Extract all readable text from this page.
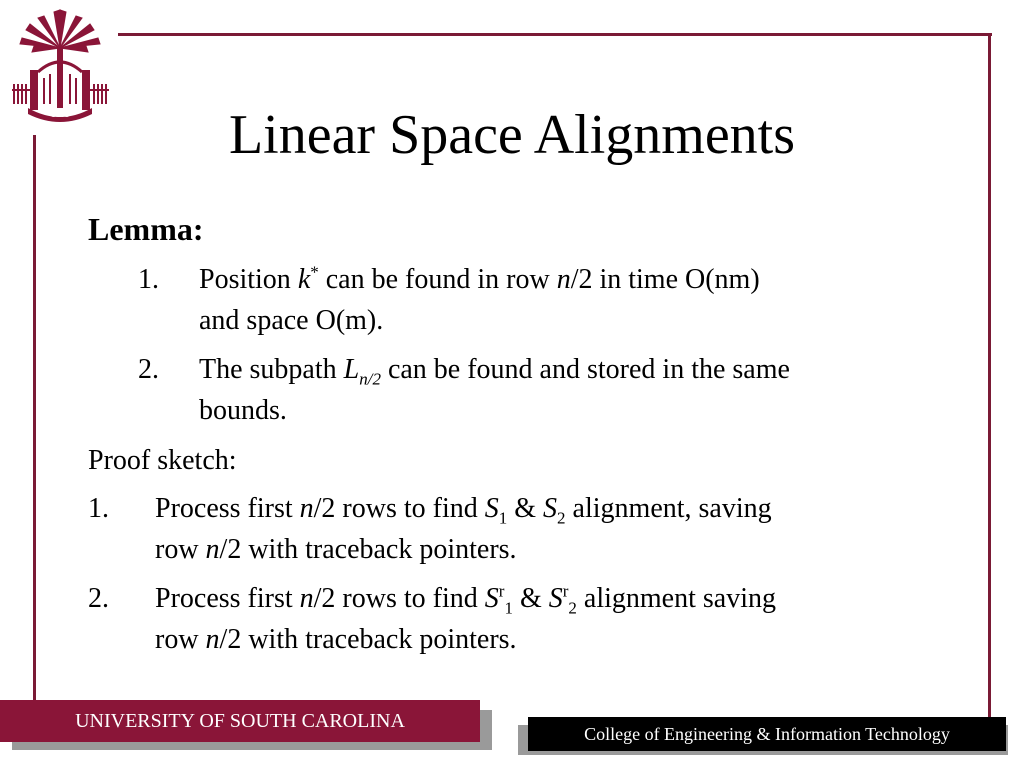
1801	Linear Space Alignments
Lemma:
1. Position k* can be found in row n/2 in time O(nm)
and space O(m).
2. The subpath $L_{n/2}$ can be found and stored in the same
bounds.
Proof sketch:
1. Process first n/2 rows to find $S_1$ & $S_2$ alignment, saving
row n/2 with traceback pointers.
2. Process first n/2 rows to find $S^r_1$ & $S^r_2$ alignment saving
row n/2 with traceback pointers.
UNIVERSITY OF SOUTH CAROLINA
College of Engineering & Information Technology
